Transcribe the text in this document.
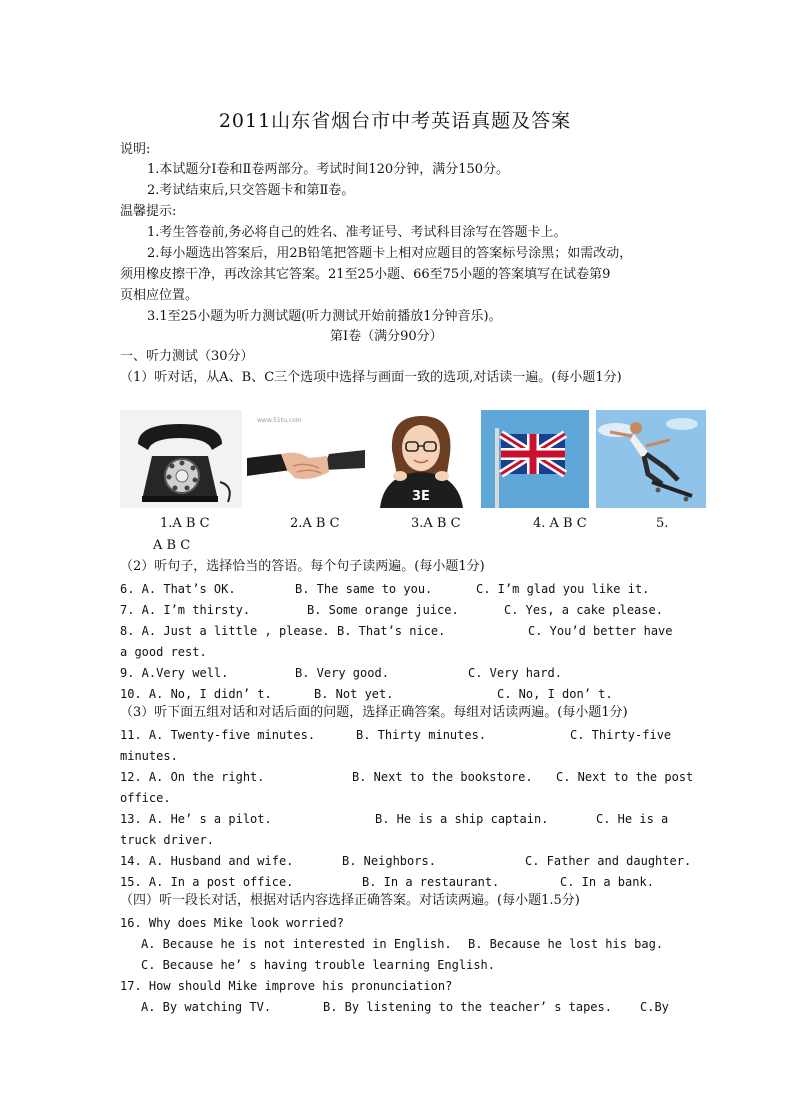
2011山东省烟台市中考英语真题及答案
说明:
1.本试题分Ⅰ卷和Ⅱ卷两部分。考试时间120分钟，满分150分。
2.考试结束后,只交答题卡和第Ⅱ卷。
温馨提示:
1.考生答卷前,务必将自己的姓名、准考证号、考试科目涂写在答题卡上。
2.每小题选出答案后，用2B铅笔把答题卡上相对应题目的答案标号涂黑；如需改动，
须用橡皮擦干净，再改涂其它答案。21至25小题、66至75小题的答案填写在试卷第9
页相应位置。
3.1至25小题为听力测试题(听力测试开始前播放1分钟音乐)。
第Ⅰ卷（满分90分）
一、听力测试（30分）
（1）听对话，从A、B、C三个选项中选择与画面一致的选项,对话读一遍。(每小题1分)
www.51tu.com
3E
1.A B C	2.A B C	3.A B C	4. A B C	5.
A B C
（2）听句子，选择恰当的答语。每个句子读两遍。(每小题1分)
6. A. That’s OK.	B. The same to you.	C. I’m glad you like it.
7. A. I’m thirsty.	B. Some orange juice.	C. Yes, a cake please.
8. A. Just a little , please. B. That’s nice.	C. You’d better have
a good rest.
9. A.Very well.	B. Very good.	C. Very hard.
10. A. No, I didn’ t.	B. Not yet.	C. No, I don’ t.
（3）听下面五组对话和对话后面的问题，选择正确答案。每组对话读两遍。(每小题1分)
11. A. Twenty-five minutes.	B. Thirty minutes.	C. Thirty-five
minutes.
12. A. On the right.	B. Next to the bookstore. C. Next to the post
office.
13. A. He’ s a pilot.	B. He is a ship captain.	C. He is a
truck driver.
14. A. Husband and wife.	B. Neighbors.	C. Father and daughter.
15. A. In a post office.	B. In a restaurant.	C. In a bank.
（四）听一段长对话，根据对话内容选择正确答案。对话读两遍。(每小题1.5分)
16. Why does Mike look worried?
A. Because he is not interested in English. B. Because he lost his bag.
C. Because he’ s having trouble learning English.
17. How should Mike improve his pronunciation?
A. By watching TV.	B. By listening to the teacher’ s tapes. C.By
